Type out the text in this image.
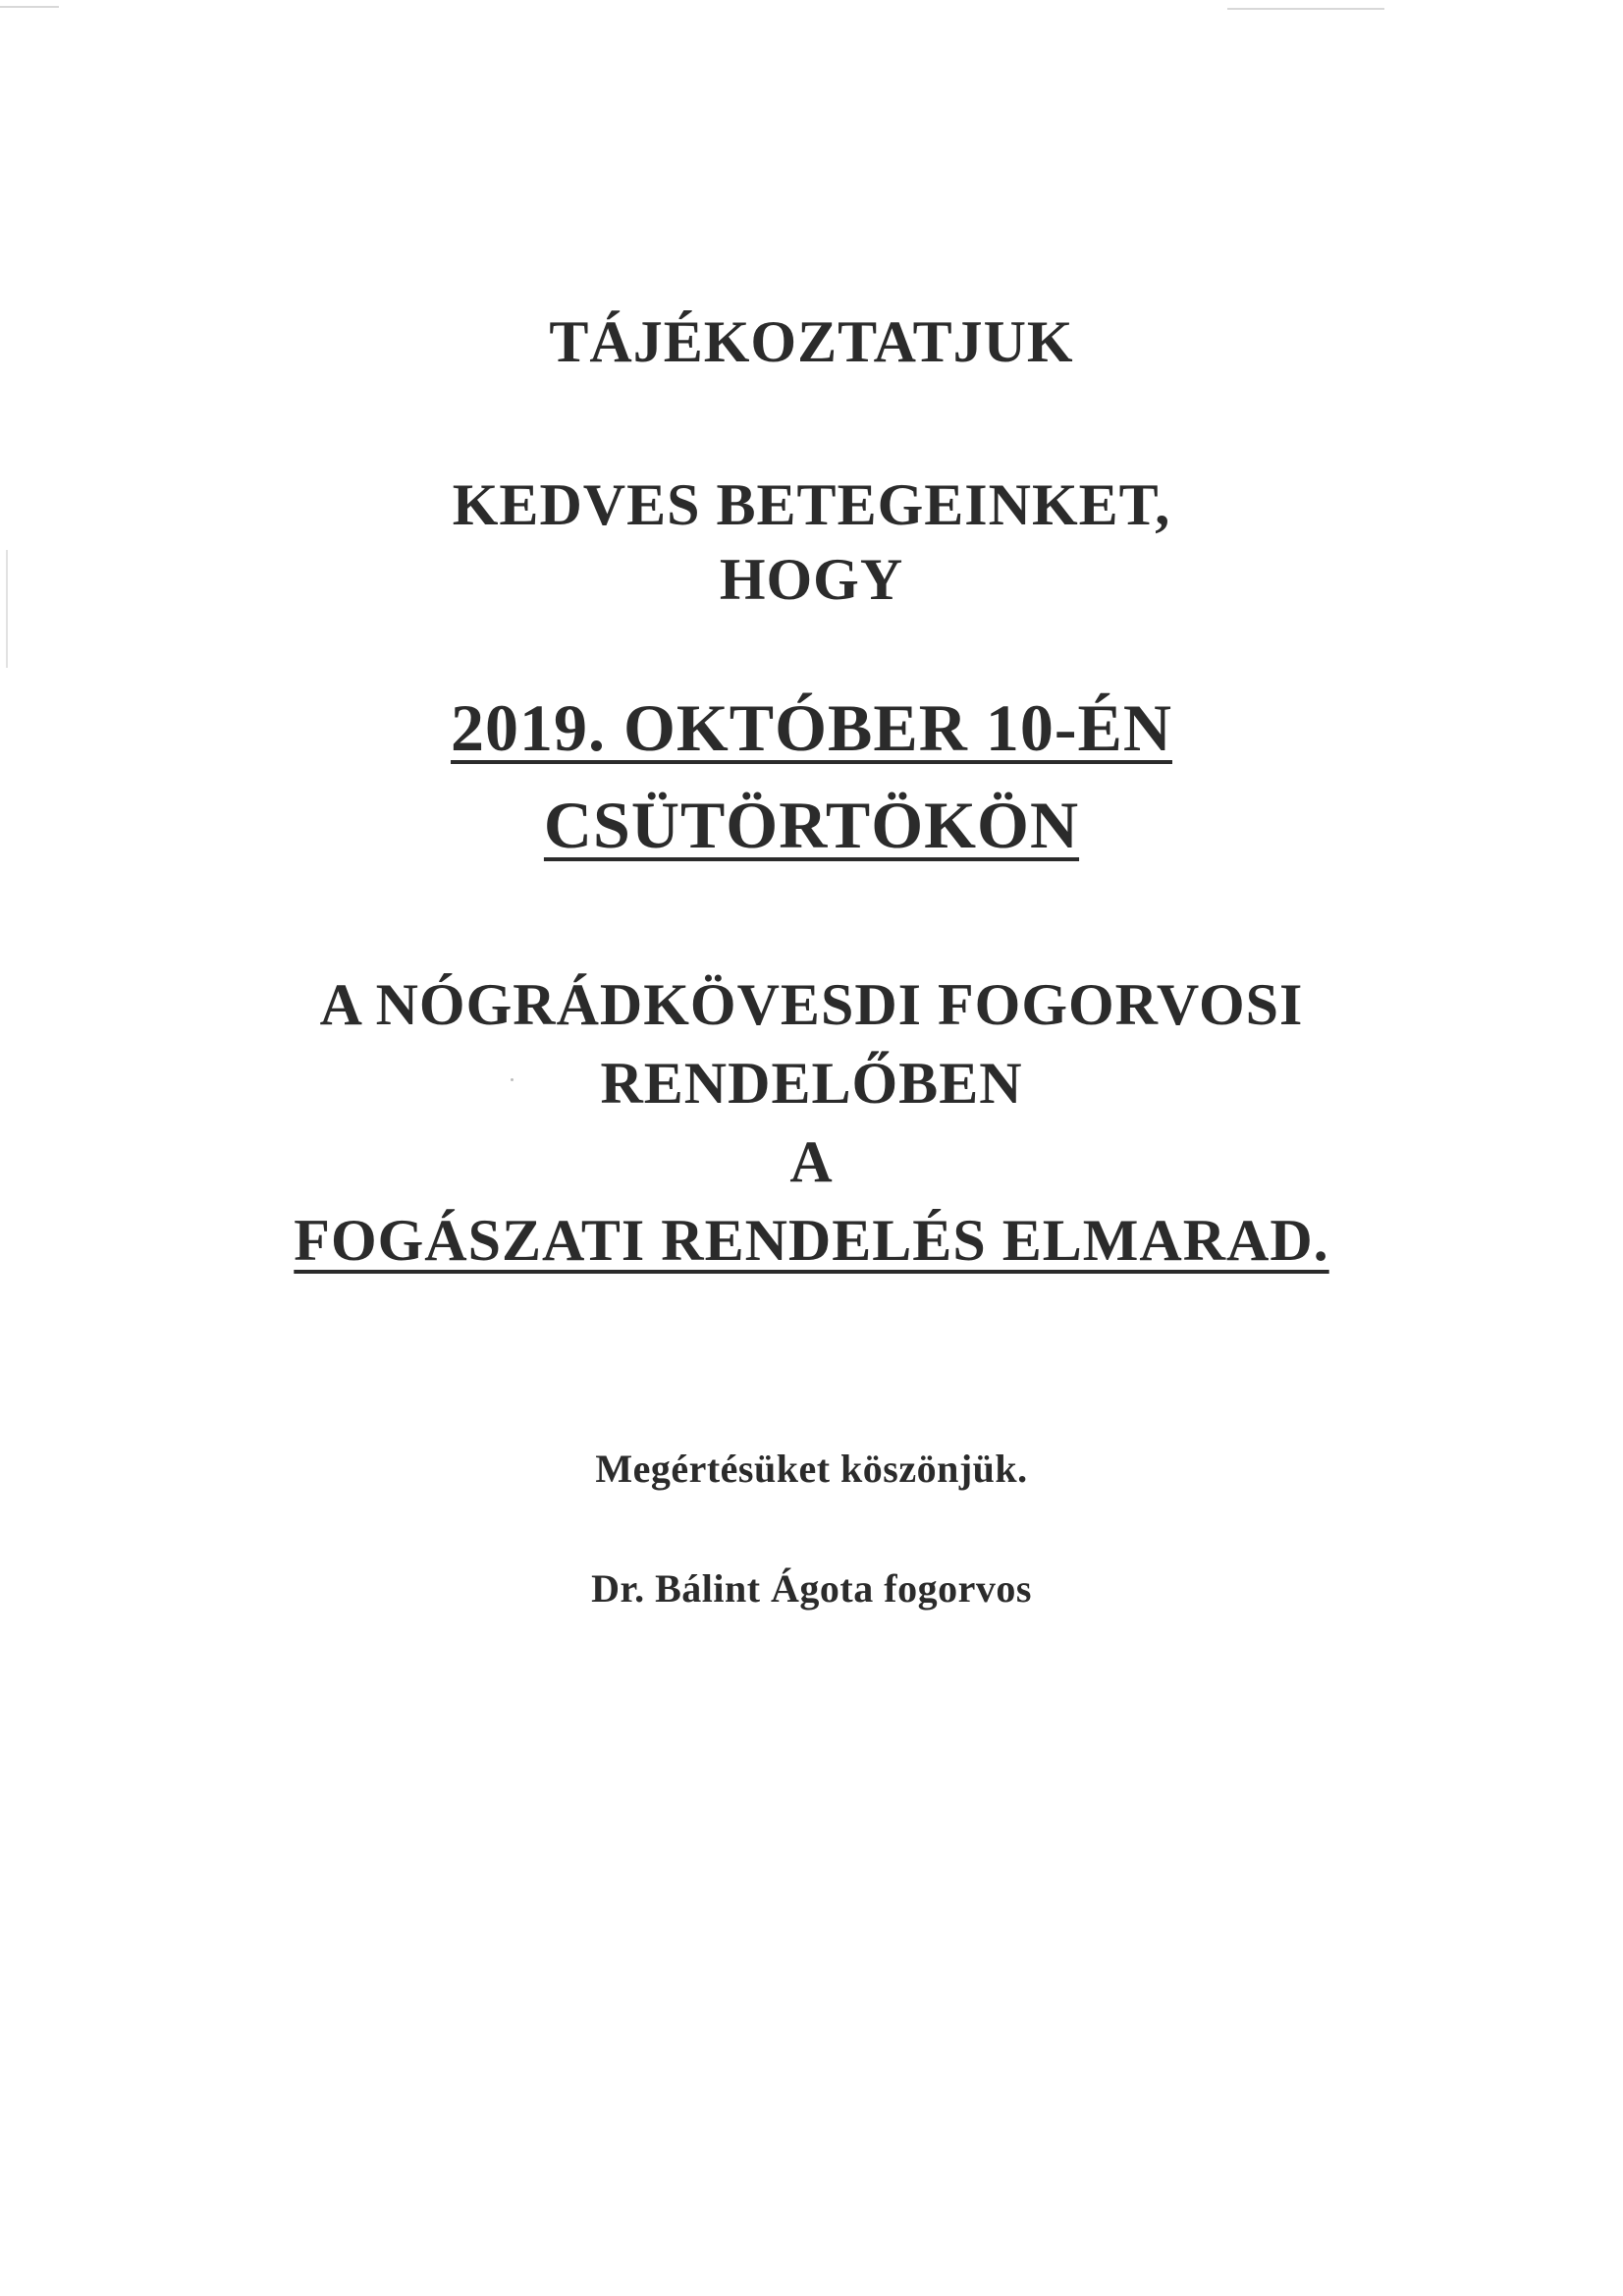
TÁJÉKOZTATJUK
KEDVES BETEGEINKET,
HOGY
2019. OKTÓBER 10-ÉN
CSÜTÖRTÖKÖN
A NÓGRÁDKÖVESDI FOGORVOSI
RENDELŐBEN
A
FOGÁSZATI RENDELÉS ELMARAD.
Megértésüket köszönjük.
Dr. Bálint Ágota fogorvos
